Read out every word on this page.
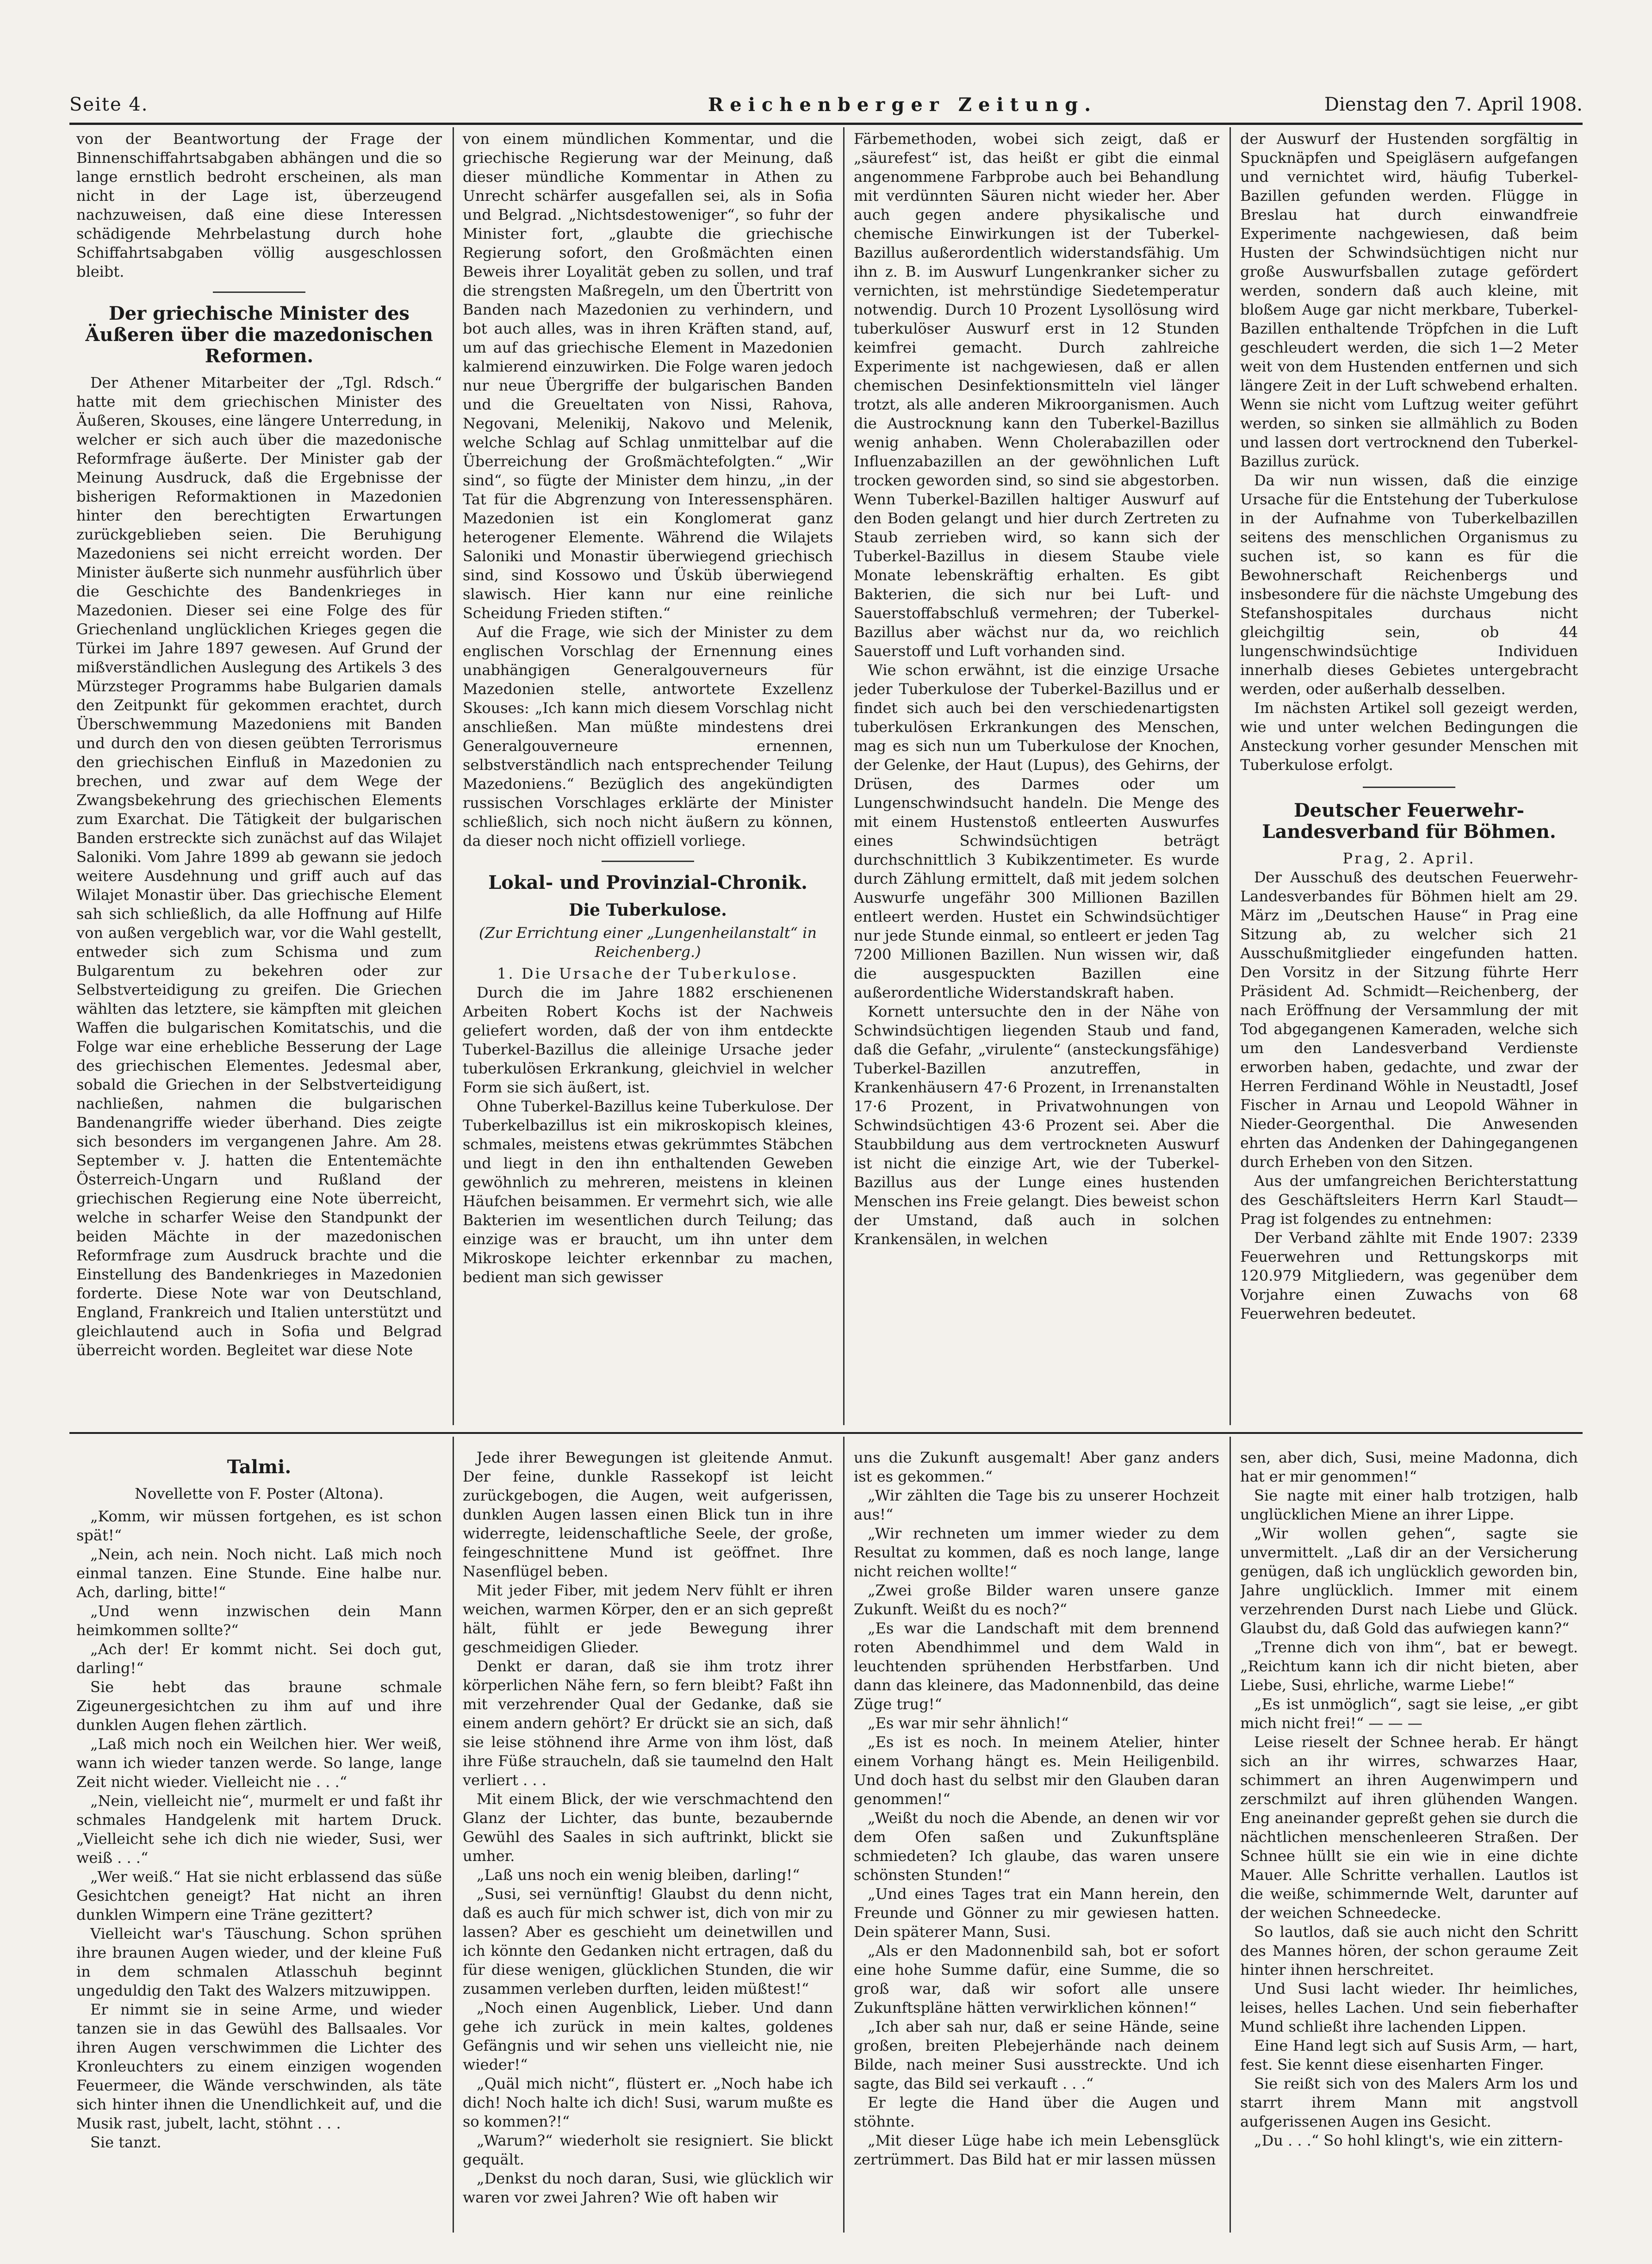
Seite 4.	Reichenberger Zeitung.	Dienstag den 7. April 1908.

von der Beantwortung der Frage der Binnenschiffahrtsabgaben abhängen und die so lange ernstlich bedroht erscheinen, als man nicht in der Lage ist, überzeugend nachzuweisen, daß eine diese Interessen schädigende Mehrbelastung durch hohe Schiffahrtsabgaben völlig ausgeschlossen bleibt.

Der griechische Minister des Äußeren über die mazedonischen Reformen.

Der Athener Mitarbeiter der „Tgl. Rdsch.“ hatte mit dem griechischen Minister des Äußeren, Skouses, eine längere Unterredung, in welcher er sich auch über die mazedonische Reformfrage äußerte. Der Minister gab der Meinung Ausdruck, daß die Ergebnisse der bisherigen Reformaktionen in Mazedonien hinter den berechtigten Erwartungen zurückgeblieben seien. Die Beruhigung Mazedoniens sei nicht erreicht worden. Der Minister äußerte sich nunmehr ausführlich über die Geschichte des Bandenkrieges in Mazedonien. Dieser sei eine Folge des für Griechenland unglücklichen Krieges gegen die Türkei im Jahre 1897 gewesen. Auf Grund der mißverständlichen Auslegung des Artikels 3 des Mürzsteger Programms habe Bulgarien damals den Zeitpunkt für gekommen erachtet, durch Überschwemmung Mazedoniens mit Banden und durch den von diesen geübten Terrorismus den griechischen Einfluß in Mazedonien zu brechen, und zwar auf dem Wege der Zwangsbekehrung des griechischen Elements zum Exarchat. Die Tätigkeit der bulgarischen Banden erstreckte sich zunächst auf das Wilajet Saloniki. Vom Jahre 1899 ab gewann sie jedoch weitere Ausdehnung und griff auch auf das Wilajet Monastir über. Das griechische Element sah sich schließlich, da alle Hoffnung auf Hilfe von außen vergeblich war, vor die Wahl gestellt, entweder sich zum Schisma und zum Bulgarentum zu bekehren oder zur Selbstverteidigung zu greifen. Die Griechen wählten das letztere, sie kämpften mit gleichen Waffen die bulgarischen Komitatschis, und die Folge war eine erhebliche Besserung der Lage des griechischen Elementes. Jedesmal aber, sobald die Griechen in der Selbstverteidigung nachließen, nahmen die bulgarischen Bandenangriffe wieder überhand. Dies zeigte sich besonders im vergangenen Jahre. Am 28. September v. J. hatten die Ententemächte Österreich-Ungarn und Rußland der griechischen Regierung eine Note überreicht, welche in scharfer Weise den Standpunkt der beiden Mächte in der mazedonischen Reformfrage zum Ausdruck brachte und die Einstellung des Bandenkrieges in Mazedonien forderte. Diese Note war von Deutschland, England, Frankreich und Italien unterstützt und gleichlautend auch in Sofia und Belgrad überreicht worden. Begleitet war diese Note

von einem mündlichen Kommentar, und die griechische Regierung war der Meinung, daß dieser mündliche Kommentar in Athen zu Unrecht schärfer ausgefallen sei, als in Sofia und Belgrad. „Nichtsdestoweniger“, so fuhr der Minister fort, „glaubte die griechische Regierung sofort, den Großmächten einen Beweis ihrer Loyalität geben zu sollen, und traf die strengsten Maßregeln, um den Übertritt von Banden nach Mazedonien zu verhindern, und bot auch alles, was in ihren Kräften stand, auf, um auf das griechische Element in Mazedonien kalmierend einzuwirken. Die Folge waren jedoch nur neue Übergriffe der bulgarischen Banden und die Greueltaten von Nissi, Rahova, Negovani, Melenikij, Nakovo und Melenik, welche Schlag auf Schlag unmittelbar auf die Überreichung der Großmächtefolgten.“ „Wir sind“, so fügte der Minister dem hinzu, „in der Tat für die Abgrenzung von Interessensphären. Mazedonien ist ein Konglomerat ganz heterogener Elemente. Während die Wilajets Saloniki und Monastir überwiegend griechisch sind, sind Kossowo und Üsküb überwiegend slawisch. Hier kann nur eine reinliche Scheidung Frieden stiften.“

Auf die Frage, wie sich der Minister zu dem englischen Vorschlag der Ernennung eines unabhängigen Generalgouverneurs für Mazedonien stelle, antwortete Exzellenz Skouses: „Ich kann mich diesem Vorschlag nicht anschließen. Man müßte mindestens drei Generalgouverneure ernennen, selbstverständlich nach entsprechender Teilung Mazedoniens.“ Bezüglich des angekündigten russischen Vorschlages erklärte der Minister schließlich, sich noch nicht äußern zu können, da dieser noch nicht offiziell vorliege.

Lokal- und Provinzial-Chronik.
Die Tuberkulose.

(Zur Errichtung einer „Lungenheilanstalt“ in Reichenberg.)

1. Die Ursache der Tuberkulose.

Durch die im Jahre 1882 erschienenen Arbeiten Robert Kochs ist der Nachweis geliefert worden, daß der von ihm entdeckte Tuberkel-Bazillus die alleinige Ursache jeder tuberkulösen Erkrankung, gleichviel in welcher Form sie sich äußert, ist.

Ohne Tuberkel-Bazillus keine Tuberkulose. Der Tuberkelbazillus ist ein mikroskopisch kleines, schmales, meistens etwas gekrümmtes Stäbchen und liegt in den ihn enthaltenden Geweben gewöhnlich zu mehreren, meistens in kleinen Häufchen beisammen. Er vermehrt sich, wie alle Bakterien im wesentlichen durch Teilung; das einzige was er braucht, um ihn unter dem Mikroskope leichter erkennbar zu machen, bedient man sich gewisser

Färbemethoden, wobei sich zeigt, daß er „säurefest“ ist, das heißt er gibt die einmal angenommene Farbprobe auch bei Behandlung mit verdünnten Säuren nicht wieder her. Aber auch gegen andere physikalische und chemische Einwirkungen ist der Tuberkel-Bazillus außerordentlich widerstandsfähig. Um ihn z. B. im Auswurf Lungenkranker sicher zu vernichten, ist mehrstündige Siedetemperatur notwendig. Durch 10 Prozent Lysollösung wird tuberkulöser Auswurf erst in 12 Stunden keimfrei gemacht. Durch zahlreiche Experimente ist nachgewiesen, daß er allen chemischen Desinfektionsmitteln viel länger trotzt, als alle anderen Mikroorganismen. Auch die Austrocknung kann den Tuberkel-Bazillus wenig anhaben. Wenn Cholerabazillen oder Influenzabazillen an der gewöhnlichen Luft trocken geworden sind, so sind sie abgestorben. Wenn Tuberkel-Bazillen haltiger Auswurf auf den Boden gelangt und hier durch Zertreten zu Staub zerrieben wird, so kann sich der Tuberkel-Bazillus in diesem Staube viele Monate lebenskräftig erhalten. Es gibt Bakterien, die sich nur bei Luft- und Sauerstoffabschluß vermehren; der Tuberkel-Bazillus aber wächst nur da, wo reichlich Sauerstoff und Luft vorhanden sind.

Wie schon erwähnt, ist die einzige Ursache jeder Tuberkulose der Tuberkel-Bazillus und er findet sich auch bei den verschiedenartigsten tuberkulösen Erkrankungen des Menschen, mag es sich nun um Tuberkulose der Knochen, der Gelenke, der Haut (Lupus), des Gehirns, der Drüsen, des Darmes oder um Lungenschwindsucht handeln. Die Menge des mit einem Hustenstoß entleerten Auswurfes eines Schwindsüchtigen beträgt durchschnittlich 3 Kubikzentimeter. Es wurde durch Zählung ermittelt, daß mit jedem solchen Auswurfe ungefähr 300 Millionen Bazillen entleert werden. Hustet ein Schwindsüchtiger nur jede Stunde einmal, so entleert er jeden Tag 7200 Millionen Bazillen. Nun wissen wir, daß die ausgespuckten Bazillen eine außerordentliche Widerstandskraft haben.

Kornett untersuchte den in der Nähe von Schwindsüchtigen liegenden Staub und fand, daß die Gefahr, „virulente“ (ansteckungsfähige) Tuberkel-Bazillen anzutreffen, in Krankenhäusern 47·6 Prozent, in Irrenanstalten 17·6 Prozent, in Privatwohnungen von Schwindsüchtigen 43·6 Prozent sei. Aber die Staubbildung aus dem vertrockneten Auswurf ist nicht die einzige Art, wie der Tuberkel-Bazillus aus der Lunge eines hustenden Menschen ins Freie gelangt. Dies beweist schon der Umstand, daß auch in solchen Krankensälen, in welchen

der Auswurf der Hustenden sorgfältig in Spucknäpfen und Speigläsern aufgefangen und vernichtet wird, häufig Tuberkel-Bazillen gefunden werden. Flügge in Breslau hat durch einwandfreie Experimente nachgewiesen, daß beim Husten der Schwindsüchtigen nicht nur große Auswurfsballen zutage gefördert werden, sondern daß auch kleine, mit bloßem Auge gar nicht merkbare, Tuberkel-Bazillen enthaltende Tröpfchen in die Luft geschleudert werden, die sich 1—2 Meter weit von dem Hustenden entfernen und sich längere Zeit in der Luft schwebend erhalten. Wenn sie nicht vom Luftzug weiter geführt werden, so sinken sie allmählich zu Boden und lassen dort vertrocknend den Tuberkel-Bazillus zurück.

Da wir nun wissen, daß die einzige Ursache für die Entstehung der Tuberkulose in der Aufnahme von Tuberkelbazillen seitens des menschlichen Organismus zu suchen ist, so kann es für die Bewohnerschaft Reichenbergs und insbesondere für die nächste Umgebung des Stefanshospitales durchaus nicht gleichgiltig sein, ob 44 lungenschwindsüchtige Individuen innerhalb dieses Gebietes untergebracht werden, oder außerhalb desselben.

Im nächsten Artikel soll gezeigt werden, wie und unter welchen Bedingungen die Ansteckung vorher gesunder Menschen mit Tuberkulose erfolgt.

Deutscher Feuerwehr-Landesverband für Böhmen.

Prag, 2. April.

Der Ausschuß des deutschen Feuerwehr-Landesverbandes für Böhmen hielt am 29. März im „Deutschen Hause“ in Prag eine Sitzung ab, zu welcher sich 21 Ausschußmitglieder eingefunden hatten. Den Vorsitz in der Sitzung führte Herr Präsident Ad. Schmidt—Reichenberg, der nach Eröffnung der Versammlung der mit Tod abgegangenen Kameraden, welche sich um den Landesverband Verdienste erworben haben, gedachte, und zwar der Herren Ferdinand Wöhle in Neustadtl, Josef Fischer in Arnau und Leopold Wähner in Nieder-Georgenthal. Die Anwesenden ehrten das Andenken der Dahingegangenen durch Erheben von den Sitzen.

Aus der umfangreichen Berichterstattung des Geschäftsleiters Herrn Karl Staudt—Prag ist folgendes zu entnehmen:

Der Verband zählte mit Ende 1907: 2339 Feuerwehren und Rettungskorps mit 120.979 Mitgliedern, was gegenüber dem Vorjahre einen Zuwachs von 68 Feuerwehren bedeutet.

Talmi.

Novellette von F. Poster (Altona).

„Komm, wir müssen fortgehen, es ist schon spät!“

„Nein, ach nein. Noch nicht. Laß mich noch einmal tanzen. Eine Stunde. Eine halbe nur. Ach, darling, bitte!“

„Und wenn inzwischen dein Mann heimkommen sollte?“

„Ach der! Er kommt nicht. Sei doch gut, darling!“

Sie hebt das braune schmale Zigeunergesichtchen zu ihm auf und ihre dunklen Augen flehen zärtlich.

„Laß mich noch ein Weilchen hier. Wer weiß, wann ich wieder tanzen werde. So lange, lange Zeit nicht wieder. Vielleicht nie . . .“

„Nein, vielleicht nie“, murmelt er und faßt ihr schmales Handgelenk mit hartem Druck. „Vielleicht sehe ich dich nie wieder, Susi, wer weiß . . .“

„Wer weiß.“ Hat sie nicht erblassend das süße Gesichtchen geneigt? Hat nicht an ihren dunklen Wimpern eine Träne gezittert?

Vielleicht war's Täuschung. Schon sprühen ihre braunen Augen wieder, und der kleine Fuß in dem schmalen Atlasschuh beginnt ungeduldig den Takt des Walzers mitzuwippen.

Er nimmt sie in seine Arme, und wieder tanzen sie in das Gewühl des Ballsaales. Vor ihren Augen verschwimmen die Lichter des Kronleuchters zu einem einzigen wogenden Feuermeer, die Wände verschwinden, als täte sich hinter ihnen die Unendlichkeit auf, und die Musik rast, jubelt, lacht, stöhnt . . .

Sie tanzt.

Jede ihrer Bewegungen ist gleitende Anmut. Der feine, dunkle Rassekopf ist leicht zurückgebogen, die Augen, weit aufgerissen, dunklen Augen lassen einen Blick tun in ihre widerregte, leidenschaftliche Seele, der große, feingeschnittene Mund ist geöffnet. Ihre Nasenflügel beben.

Mit jeder Fiber, mit jedem Nerv fühlt er ihren weichen, warmen Körper, den er an sich gepreßt hält, fühlt er jede Bewegung ihrer geschmeidigen Glieder.

Denkt er daran, daß sie ihm trotz ihrer körperlichen Nähe fern, so fern bleibt? Faßt ihn mit verzehrender Qual der Gedanke, daß sie einem andern gehört? Er drückt sie an sich, daß sie leise stöhnend ihre Arme von ihm löst, daß ihre Füße straucheln, daß sie taumelnd den Halt verliert . . .

Mit einem Blick, der wie verschmachtend den Glanz der Lichter, das bunte, bezaubernde Gewühl des Saales in sich auftrinkt, blickt sie umher.

„Laß uns noch ein wenig bleiben, darling!“

„Susi, sei vernünftig! Glaubst du denn nicht, daß es auch für mich schwer ist, dich von mir zu lassen? Aber es geschieht um deinetwillen und ich könnte den Gedanken nicht ertragen, daß du für diese wenigen, glücklichen Stunden, die wir zusammen verleben durften, leiden müßtest!“

„Noch einen Augenblick, Lieber. Und dann gehe ich zurück in mein kaltes, goldenes Gefängnis und wir sehen uns vielleicht nie, nie wieder!“

„Quäl mich nicht“, flüstert er. „Noch habe ich dich! Noch halte ich dich! Susi, warum mußte es so kommen?!“

„Warum?“ wiederholt sie resigniert. Sie blickt gequält.

„Denkst du noch daran, Susi, wie glücklich wir waren vor zwei Jahren? Wie oft haben wir

uns die Zukunft ausgemalt! Aber ganz anders ist es gekommen.“

„Wir zählten die Tage bis zu unserer Hochzeit aus!“

„Wir rechneten um immer wieder zu dem Resultat zu kommen, daß es noch lange, lange nicht reichen wollte!“

„Zwei große Bilder waren unsere ganze Zukunft. Weißt du es noch?“

„Es war die Landschaft mit dem brennend roten Abendhimmel und dem Wald in leuchtenden sprühenden Herbstfarben. Und dann das kleinere, das Madonnenbild, das deine Züge trug!“

„Es war mir sehr ähnlich!“

„Es ist es noch. In meinem Atelier, hinter einem Vorhang hängt es. Mein Heiligenbild. Und doch hast du selbst mir den Glauben daran genommen!“

„Weißt du noch die Abende, an denen wir vor dem Ofen saßen und Zukunftspläne schmiedeten? Ich glaube, das waren unsere schönsten Stunden!“

„Und eines Tages trat ein Mann herein, den Freunde und Gönner zu mir gewiesen hatten. Dein späterer Mann, Susi.

„Als er den Madonnenbild sah, bot er sofort eine hohe Summe dafür, eine Summe, die so groß war, daß wir sofort alle unsere Zukunftspläne hätten verwirklichen können!“

„Ich aber sah nur, daß er seine Hände, seine großen, breiten Plebejerhände nach deinem Bilde, nach meiner Susi ausstreckte. Und ich sagte, das Bild sei verkauft . . .“

Er legte die Hand über die Augen und stöhnte.

„Mit dieser Lüge habe ich mein Lebensglück zertrümmert. Das Bild hat er mir lassen müssen

sen, aber dich, Susi, meine Madonna, dich hat er mir genommen!“

Sie nagte mit einer halb trotzigen, halb unglücklichen Miene an ihrer Lippe.

„Wir wollen gehen“, sagte sie unvermittelt. „Laß dir an der Versicherung genügen, daß ich unglücklich geworden bin, Jahre unglücklich. Immer mit einem verzehrenden Durst nach Liebe und Glück. Glaubst du, daß Gold das aufwiegen kann?“

„Trenne dich von ihm“, bat er bewegt. „Reichtum kann ich dir nicht bieten, aber Liebe, Susi, ehrliche, warme Liebe!“

„Es ist unmöglich“, sagt sie leise, „er gibt mich nicht frei!“ — — —

Leise rieselt der Schnee herab. Er hängt sich an ihr wirres, schwarzes Haar, schimmert an ihren Augenwimpern und zerschmilzt auf ihren glühenden Wangen. Eng aneinander gepreßt gehen sie durch die nächtlichen menschenleeren Straßen. Der Schnee hüllt sie ein wie in eine dichte Mauer. Alle Schritte verhallen. Lautlos ist die weiße, schimmernde Welt, darunter auf der weichen Schneedecke.

So lautlos, daß sie auch nicht den Schritt des Mannes hören, der schon geraume Zeit hinter ihnen herschreitet.

Und Susi lacht wieder. Ihr heimliches, leises, helles Lachen. Und sein fieberhafter Mund schließt ihre lachenden Lippen.

Eine Hand legt sich auf Susis Arm, — hart, fest. Sie kennt diese eisenharten Finger.

Sie reißt sich von des Malers Arm los und starrt ihrem Mann mit angstvoll aufgerissenen Augen ins Gesicht.

„Du . . .“ So hohl klingt's, wie ein zittern-
